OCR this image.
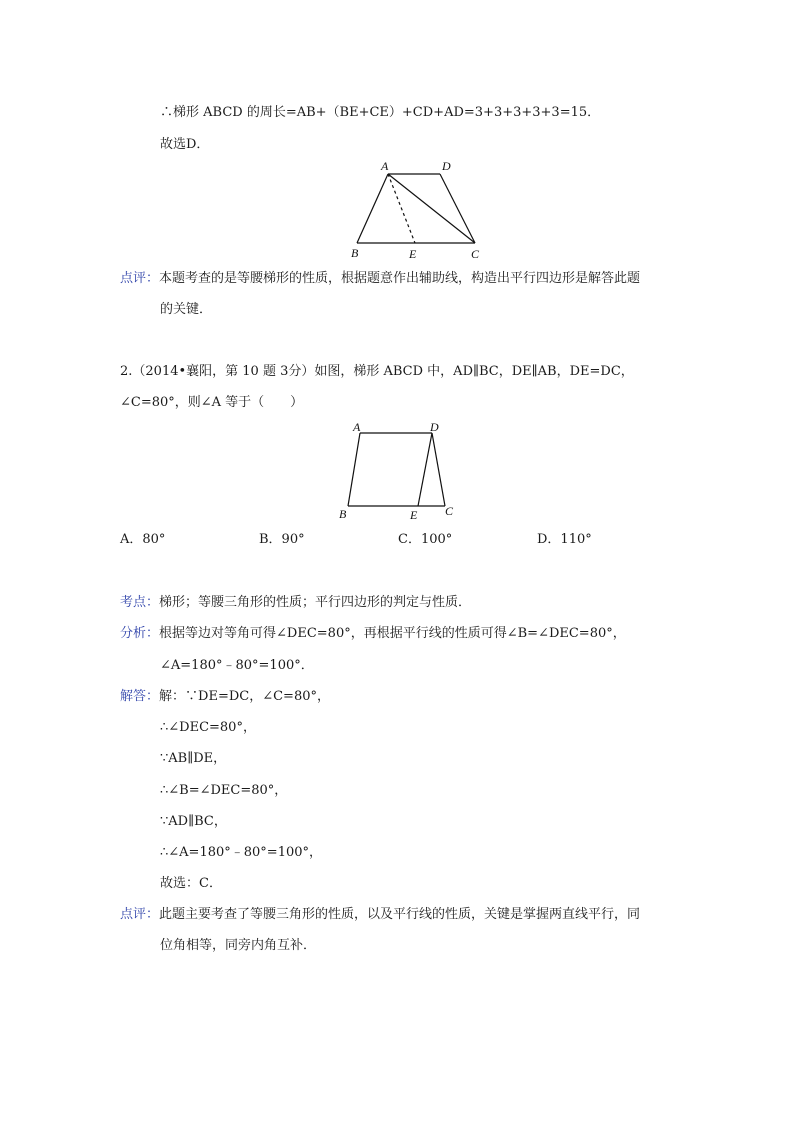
∴梯形 ABCD 的周长=AB+（BE+CE）+CD+AD=3+3+3+3+3=15．
故选D．
A	D
B	E	C
点评：本题考查的是等腰梯形的性质，根据题意作出辅助线，构造出平行四边形是解答此题
的关键．
2.（2014•襄阳，第 10 题 3分）如图，梯形 ABCD 中，AD∥BC，DE∥AB，DE=DC，
∠C=80°，则∠A 等于（　　）
A	D
B	E C
A．80°	B．90°	C．100°	D．110°
考点：梯形；等腰三角形的性质；平行四边形的判定与性质．
分析：根据等边对等角可得∠DEC=80°，再根据平行线的性质可得∠B=∠DEC=80°，
∠A=180°﹣80°=100°．
解答：解：∵DE=DC，∠C=80°，
∴∠DEC=80°，
∵AB∥DE，
∴∠B=∠DEC=80°，
∵AD∥BC，
∴∠A=180°﹣80°=100°，
故选：C．
点评：此题主要考查了等腰三角形的性质，以及平行线的性质，关键是掌握两直线平行，同
位角相等，同旁内角互补．
